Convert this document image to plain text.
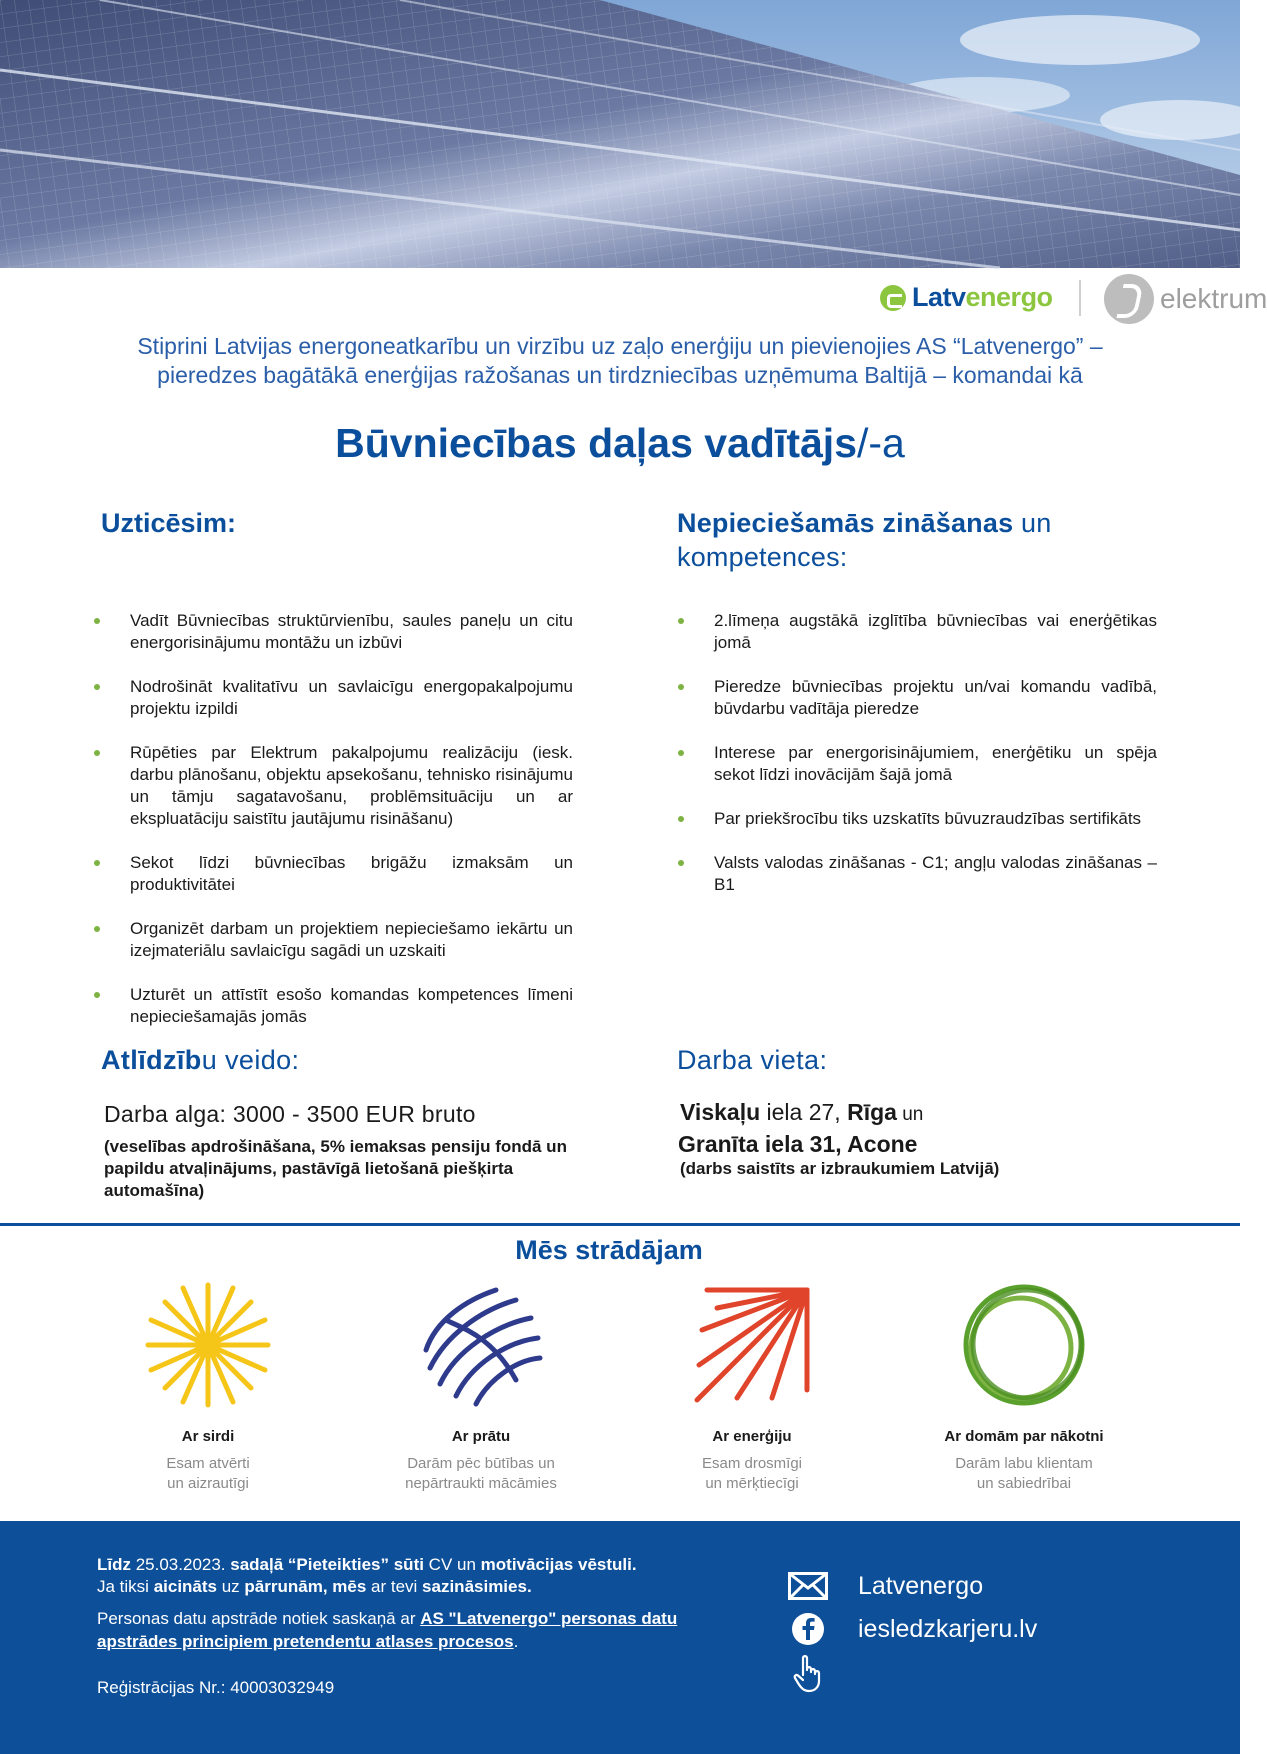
Latvenergo	elektrum
Stiprini Latvijas energoneatkarību un virzību uz zaļo enerģiju un pievienojies AS “Latvenergo” –
pieredzes bagātākā enerģijas ražošanas un tirdzniecības uzņēmuma Baltijā – komandai kā
Būvniecības daļas vadītājs/-a
Uzticēsim:	Nepieciešamās zināšanas un kompetences:
Vadīt Būvniecības struktūrvienību, saules paneļu un citu energorisinājumu montāžu un izbūvi
Nodrošināt kvalitatīvu un savlaicīgu energopakalpojumu projektu izpildi
Rūpēties par Elektrum pakalpojumu realizāciju (iesk. darbu plānošanu, objektu apsekošanu, tehnisko risinājumu un tāmju sagatavošanu, problēmsituāciju un ar ekspluatāciju saistītu jautājumu risināšanu)
Sekot līdzi būvniecības brigāžu izmaksām un produktivitātei
Organizēt darbam un projektiem nepieciešamo iekārtu un izejmateriālu savlaicīgu sagādi un uzskaiti
Uzturēt un attīstīt esošo komandas kompetences līmeni nepieciešamajās jomās
2.līmeņa augstākā izglītība būvniecības vai enerģētikas jomā
Pieredze būvniecības projektu un/vai komandu vadībā, būvdarbu vadītāja pieredze
Interese par energorisinājumiem, enerģētiku un spēja sekot līdzi inovācijām šajā jomā
Par priekšrocību tiks uzskatīts būvuzraudzības sertifikāts
Valsts valodas zināšanas - C1; angļu valodas zināšanas – B1
Atlīdzību veido:
Darba alga: 3000 - 3500 EUR bruto
(veselības apdrošināšana, 5% iemaksas pensiju fondā un papildu atvaļinājums, pastāvīgā lietošanā piešķirta automašīna)
Darba vieta:
Viskaļu iela 27, Rīga un
Granīta iela 31, Acone
(darbs saistīts ar izbraukumiem Latvijā)
Mēs strādājam
Ar sirdi
Esam atvērti
un aizrautīgi
Ar prātu
Darām pēc būtības un
nepārtraukti mācāmies
Ar enerģiju
Esam drosmīgi
un mērķtiecīgi
Ar domām par nākotni
Darām labu klientam
un sabiedrībai
Līdz 25.03.2023. sadaļā “Pieteikties” sūti CV un motivācijas vēstuli.
Ja tiksi aicināts uz pārrunām, mēs ar tevi sazināsimies.
Personas datu apstrāde notiek saskaņā ar AS "Latvenergo" personas datu apstrādes principiem pretendentu atlases procesos.
Reģistrācijas Nr.: 40003032949
Latvenergo
iesledzkarjeru.lv
